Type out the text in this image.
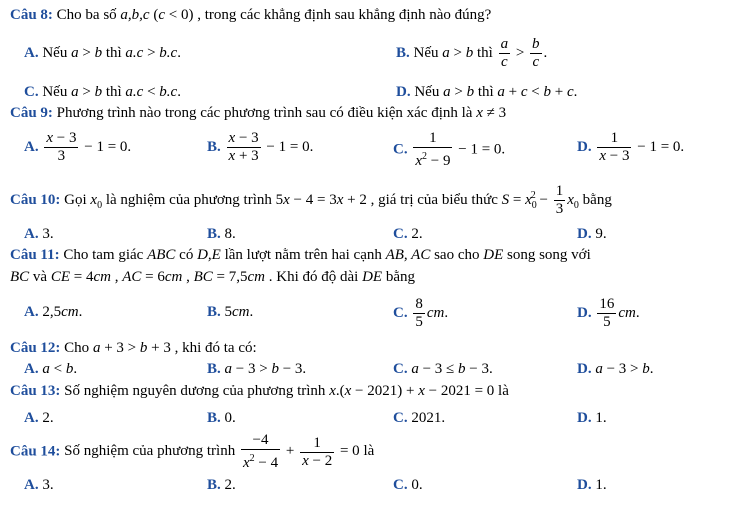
Câu 8: Cho ba số a,b,c (c < 0) , trong các khẳng định sau khẳng định nào đúng?
A. Nếu a > b thì a.c > b.c.	B. Nếu a > b thì $\frac{a}{c} > \frac{b}{c}$ .
C. Nếu a > b thì a.c < b.c.	D. Nếu a > b thì a + c < b + c.
Câu 9: Phương trình nào trong các phương trình sau có điều kiện xác định là x ≠ 3
A. $\frac{x - 3}{3} - 1 = 0$.	B. $\frac{x - 3}{x + 3} - 1 = 0$.	C. $\frac{1}{x^2 - 9} - 1 = 0$.	D. $\frac{1}{x - 3} - 1 = 0$.
Câu 10: Gọi $x_0$ là nghiệm của phương trình 5x − 4 = 3x + 2 , giá trị của biểu thức $S = x_0^2 - \frac{1}{3} x_0$ bằng
A. 3.	B. 8.	C. 2.	D. 9.
Câu 11: Cho tam giác ABC có D,E lần lượt nằm trên hai cạnh AB, AC sao cho DE song song với
BC và CE = 4cm , AC = 6cm , BC = 7,5cm . Khi đó độ dài DE bằng
A. 2,5cm.	B. 5cm.	C. $\frac{8}{5}$ cm.	D. $\frac{16}{5}$ cm.
Câu 12: Cho a + 3 > b + 3 , khi đó ta có:
A. a < b.	B. a − 3 > b − 3.	C. a − 3 ≤ b − 3.	D. a − 3 > b.
Câu 13: Số nghiệm nguyên dương của phương trình x.(x − 2021) + x − 2021 = 0 là
A. 2.	B. 0.	C. 2021.	D. 1.
Câu 14: Số nghiệm của phương trình $\frac{-4}{x^2 - 4} + \frac{1}{x - 2} = 0$ là
A. 3.	B. 2.	C. 0.	D. 1.
